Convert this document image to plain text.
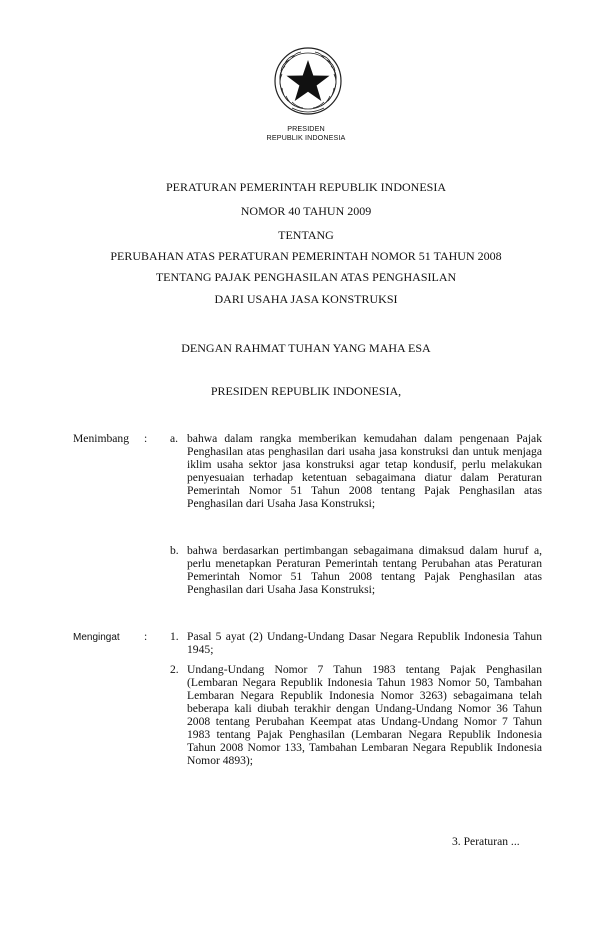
PRESIDEN
REPUBLIK INDONESIA
PERATURAN PEMERINTAH REPUBLIK INDONESIA
NOMOR 40 TAHUN 2009
TENTANG
PERUBAHAN ATAS PERATURAN PEMERINTAH NOMOR 51 TAHUN 2008
TENTANG PAJAK PENGHASILAN ATAS PENGHASILAN
DARI USAHA JASA KONSTRUKSI
DENGAN RAHMAT TUHAN YANG MAHA ESA
PRESIDEN REPUBLIK INDONESIA,
Menimbang : a. bahwa dalam rangka memberikan kemudahan dalam pengenaan Pajak Penghasilan atas penghasilan dari usaha jasa konstruksi dan untuk menjaga iklim usaha sektor jasa konstruksi agar tetap kondusif, perlu melakukan penyesuaian terhadap ketentuan sebagaimana diatur dalam Peraturan Pemerintah Nomor 51 Tahun 2008 tentang Pajak Penghasilan atas Penghasilan dari Usaha Jasa Konstruksi;
b. bahwa berdasarkan pertimbangan sebagaimana dimaksud dalam huruf a, perlu menetapkan Peraturan Pemerintah tentang Perubahan atas Peraturan Pemerintah Nomor 51 Tahun 2008 tentang Pajak Penghasilan atas Penghasilan dari Usaha Jasa Konstruksi;
Mengingat : 1. Pasal 5 ayat (2) Undang-Undang Dasar Negara Republik Indonesia Tahun 1945;
2. Undang-Undang Nomor 7 Tahun 1983 tentang Pajak Penghasilan (Lembaran Negara Republik Indonesia Tahun 1983 Nomor 50, Tambahan Lembaran Negara Republik Indonesia Nomor 3263) sebagaimana telah beberapa kali diubah terakhir dengan Undang-Undang Nomor 36 Tahun 2008 tentang Perubahan Keempat atas Undang-Undang Nomor 7 Tahun 1983 tentang Pajak Penghasilan (Lembaran Negara Republik Indonesia Tahun 2008 Nomor 133, Tambahan Lembaran Negara Republik Indonesia Nomor 4893);
3. Peraturan ...
